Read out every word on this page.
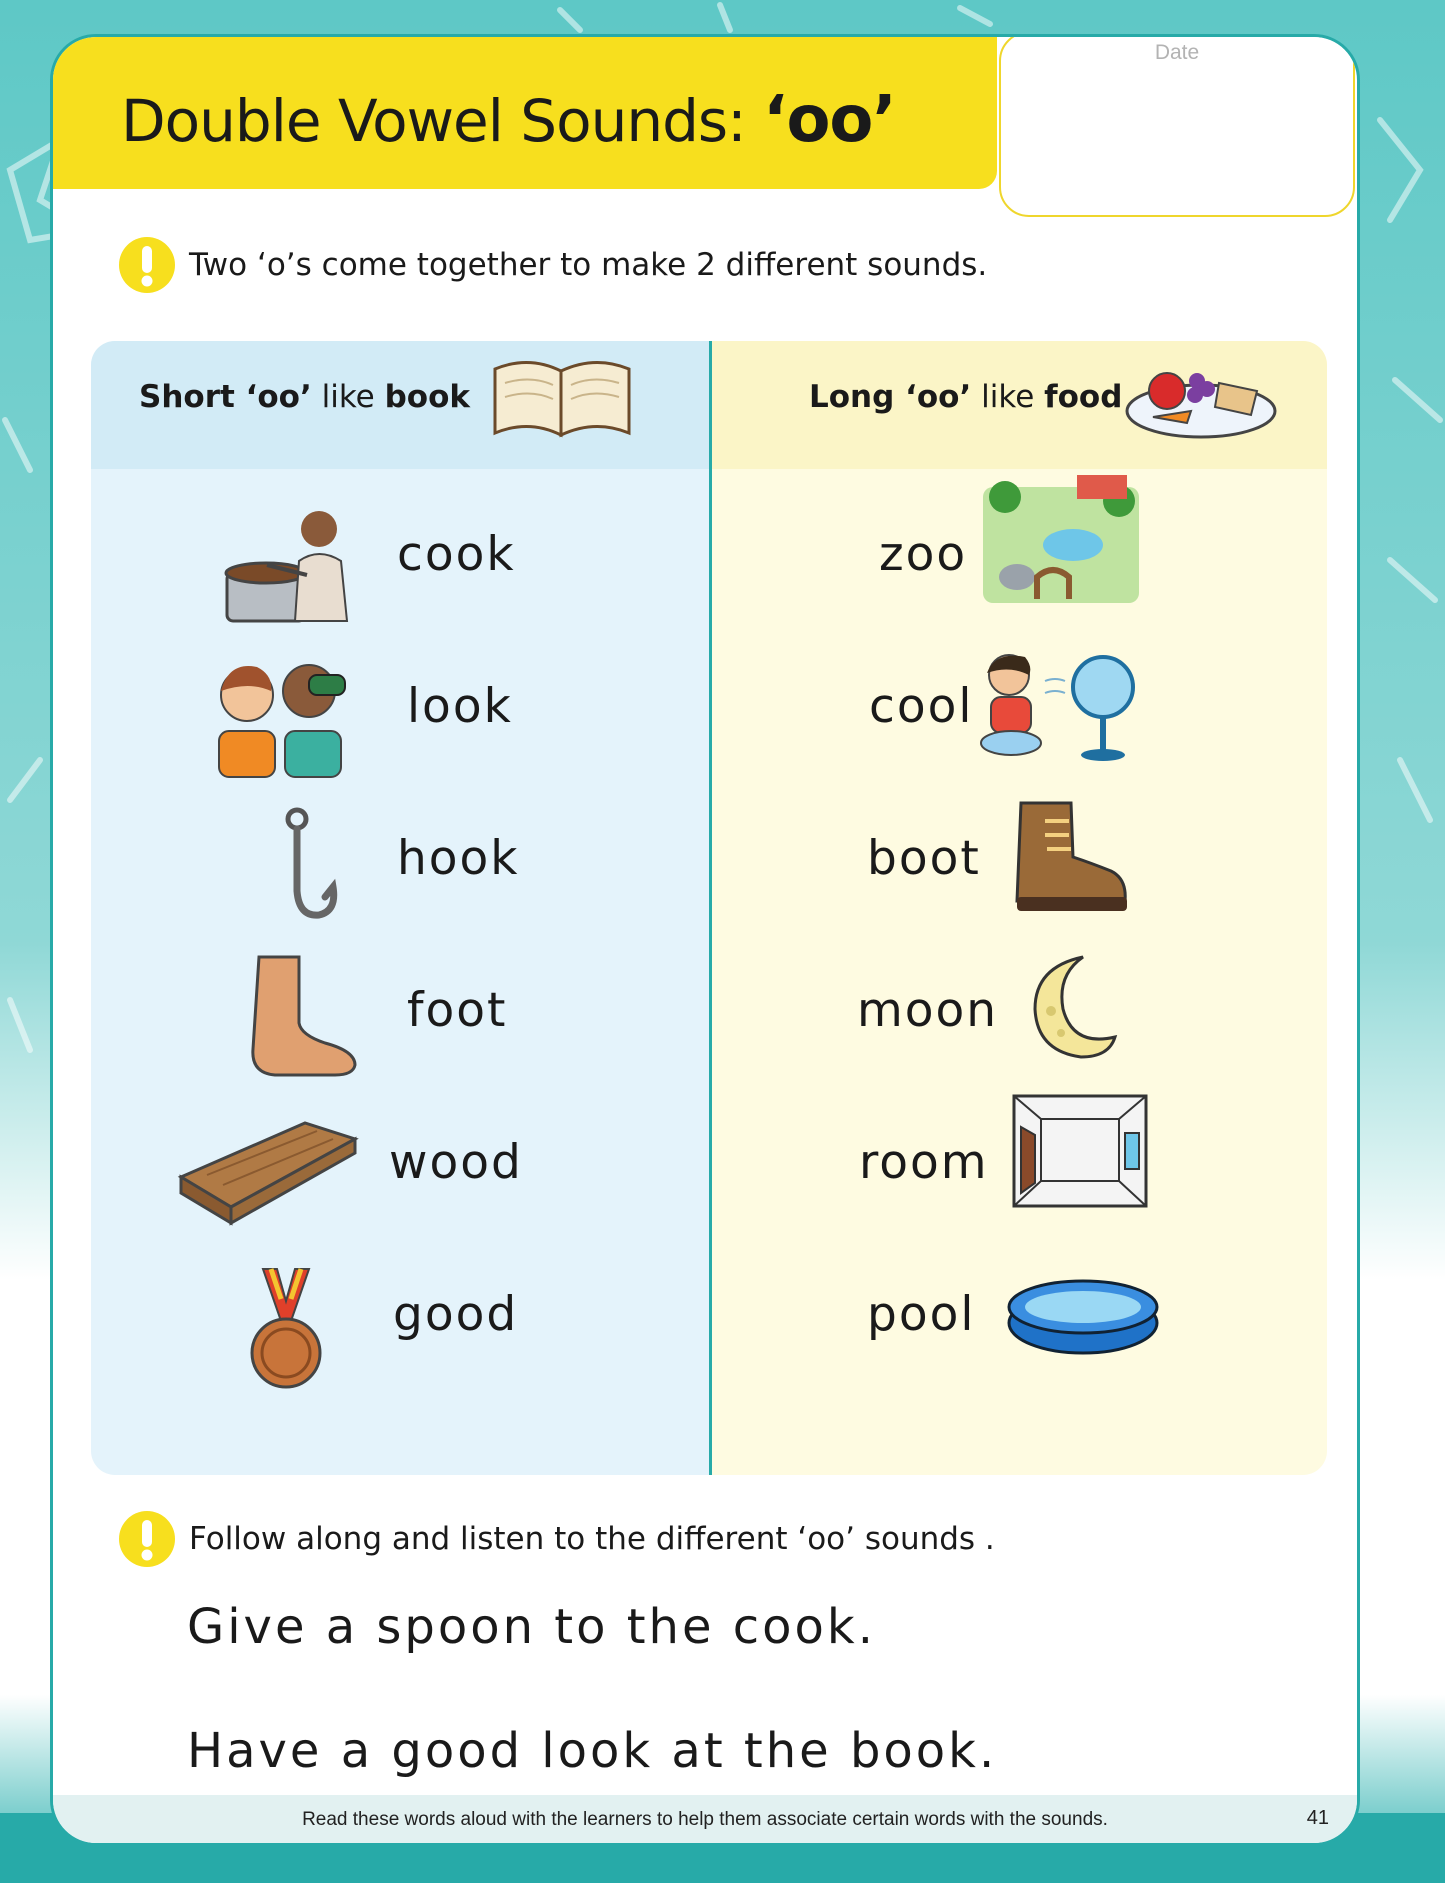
Double Vowel Sounds: ‘oo’
Date
Two ‘o’s come together to make 2 different sounds.
Short ‘oo’ like book
cook
look
hook
foot
wood
good
Long ‘oo’ like food
zoo
cool
boot
moon
room
pool
Follow along and listen to the different ‘oo’ sounds .
Give a spoon to the cook.
Have a good look at the book.
Read these words aloud with the learners to help them associate certain words with the sounds.	41
